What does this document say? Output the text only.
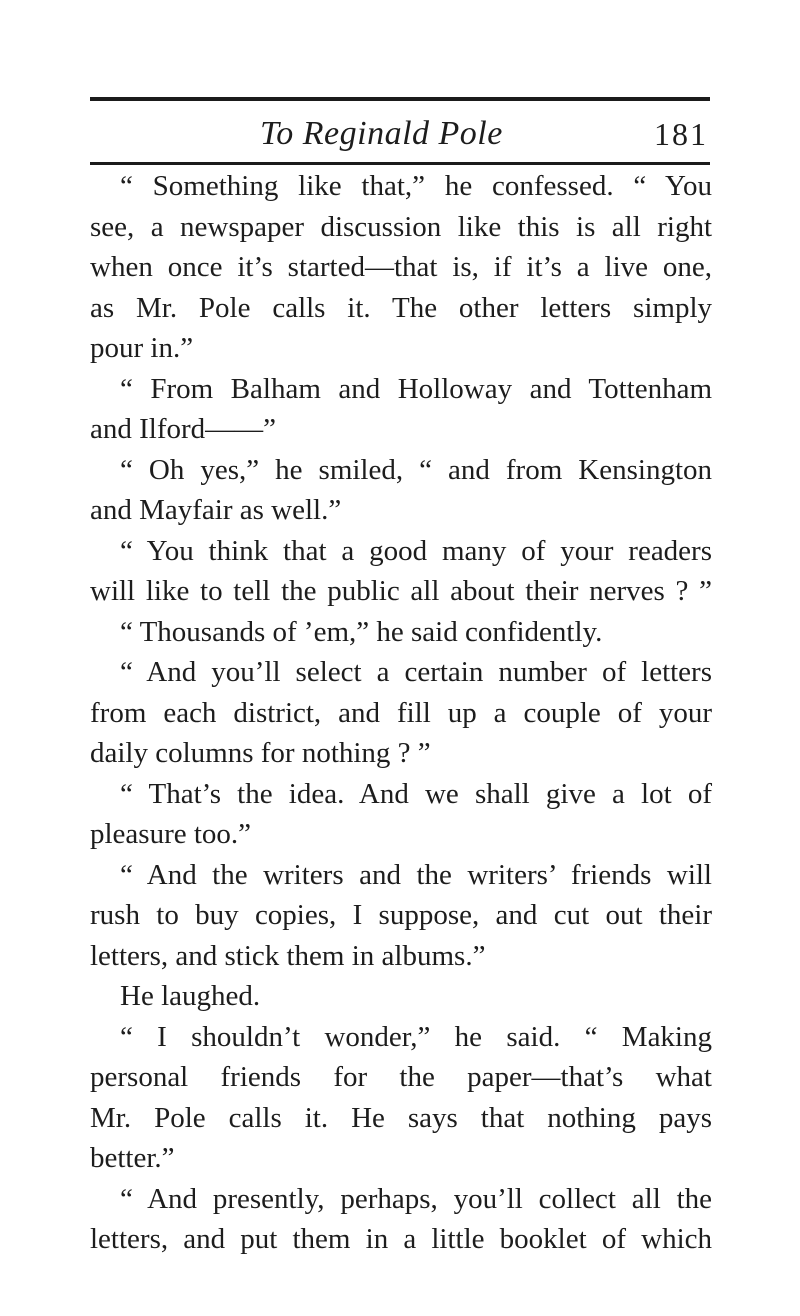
To Reginald Pole	181
“ Something like that,” he confessed. “ You
see, a newspaper discussion like this is all right
when once it’s started—that is, if it’s a live one,
as Mr. Pole calls it. The other letters simply
pour in.”
“ From Balham and Holloway and Tottenham
and Ilford——”
“ Oh yes,” he smiled, “ and from Kensington
and Mayfair as well.”
“ You think that a good many of your readers
will like to tell the public all about their nerves ? ”
“ Thousands of ’em,” he said confidently.
“ And you’ll select a certain number of letters
from each district, and fill up a couple of your
daily columns for nothing ? ”
“ That’s the idea. And we shall give a lot of
pleasure too.”
“ And the writers and the writers’ friends will
rush to buy copies, I suppose, and cut out their
letters, and stick them in albums.”
He laughed.
“ I shouldn’t wonder,” he said. “ Making
personal friends for the paper—that’s what
Mr. Pole calls it. He says that nothing pays
better.”
“ And presently, perhaps, you’ll collect all the
letters, and put them in a little booklet of which
